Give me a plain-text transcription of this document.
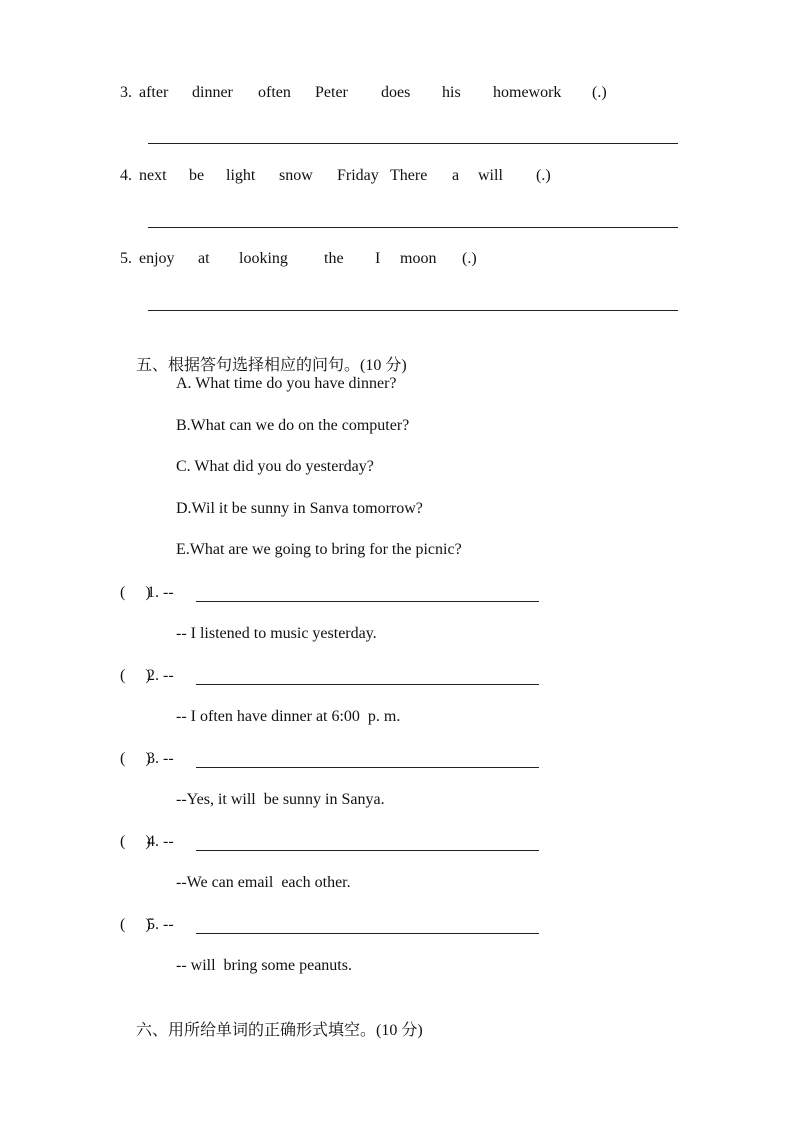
3. after dinner often Peter does his homework (.)
4. next be light snow Friday There a will (.)
5. enjoy at looking the I moon (.)

五、根据答句选择相应的问句。(10 分)

A. What time do you have dinner?
B.What can we do on the computer?
C. What did you do yesterday?
D.Wil it be sunny in Sanva tomorrow?
E.What are we going to bring for the picnic?
(     )
1. --
-- I listened to music yesterday.
(     )
2. --
-- I often have dinner at 6:00  p. m.
(     )
3. --
--Yes, it will  be sunny in Sanya.
(     )
4. --
--We can email  each other.
(     )
5. --
-- will  bring some peanuts.

六、用所给单词的正确形式填空。(10 分)
